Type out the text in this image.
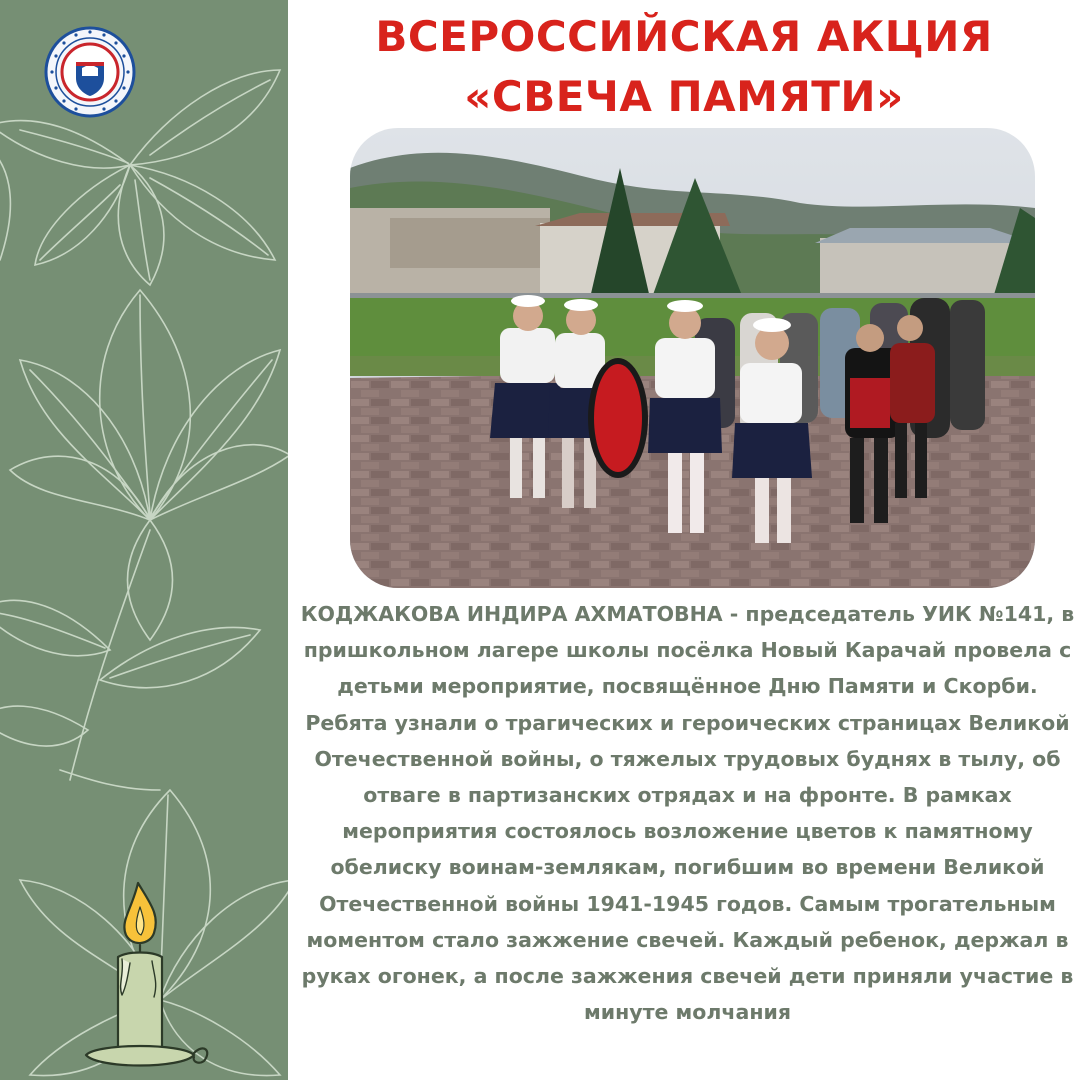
ВСЕРОССИЙСКАЯ АКЦИЯ
«СВЕЧА ПАМЯТИ»

КОДЖАКОВА ИНДИРА АХМАТОВНА - председатель УИК №141, в пришкольном лагере школы посёлка Новый Карачай провела с детьми мероприятие, посвящённое Дню Памяти и Скорби. Ребята узнали о трагических и героических страницах Великой Отечественной войны, о тяжелых трудовых буднях в тылу, об отваге в партизанских отрядах и на фронте. В рамках мероприятия состоялось возложение цветов к памятному обелиску воинам-землякам, погибшим во времени Великой Отечественной войны 1941-1945 годов. Самым трогательным моментом стало зажжение свечей. Каждый ребенок, держал в руках огонек, а после зажжения свечей дети приняли участие в минуте молчания
